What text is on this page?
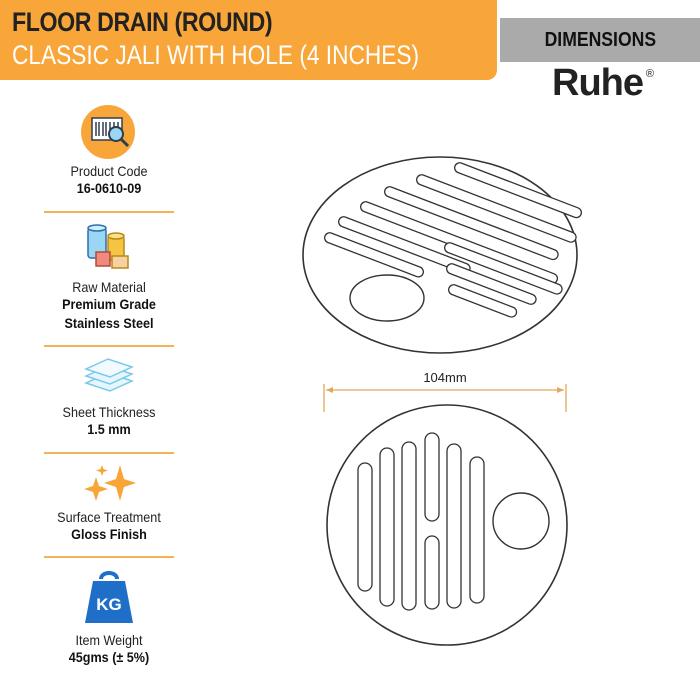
FLOOR DRAIN (ROUND)
CLASSIC JALI WITH HOLE (4 INCHES)
DIMENSIONS
Ruhe ®
Product Code
16-0610-09
Raw Material
Premium Grade
Stainless Steel
Sheet Thickness
1.5 mm
Surface Treatment
Gloss Finish
KG
Item Weight
45gms (± 5%)
104mm
